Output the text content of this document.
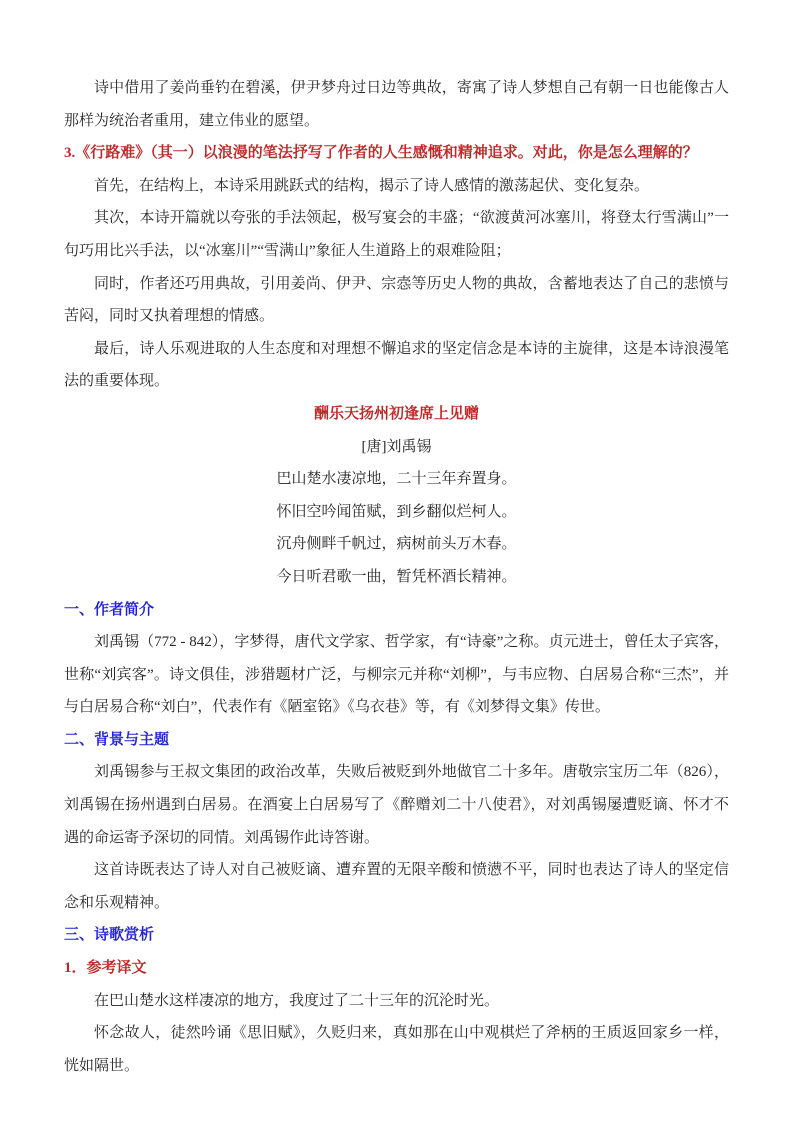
诗中借用了姜尚垂钓在碧溪，伊尹梦舟过日边等典故，寄寓了诗人梦想自己有朝一日也能像古人那样为统治者重用，建立伟业的愿望。

3.《行路难》（其一）以浪漫的笔法抒写了作者的人生感慨和精神追求。对此，你是怎么理解的？

首先，在结构上，本诗采用跳跃式的结构，揭示了诗人感情的激荡起伏、变化复杂。

其次，本诗开篇就以夸张的手法领起，极写宴会的丰盛；“欲渡黄河冰塞川，将登太行雪满山”一句巧用比兴手法，以“冰塞川”“雪满山”象征人生道路上的艰难险阻；

同时，作者还巧用典故，引用姜尚、伊尹、宗悫等历史人物的典故，含蓄地表达了自己的悲愤与苦闷，同时又执着理想的情感。

最后，诗人乐观进取的人生态度和对理想不懈追求的坚定信念是本诗的主旋律，这是本诗浪漫笔法的重要体现。

酬乐天扬州初逢席上见赠

[唐]刘禹锡

巴山楚水凄凉地，二十三年弃置身。

怀旧空吟闻笛赋，到乡翻似烂柯人。

沉舟侧畔千帆过，病树前头万木春。

今日听君歌一曲，暂凭杯酒长精神。

一、作者简介

刘禹锡（772 - 842），字梦得，唐代文学家、哲学家，有“诗豪”之称。贞元进士，曾任太子宾客，世称“刘宾客”。诗文俱佳，涉猎题材广泛，与柳宗元并称“刘柳”，与韦应物、白居易合称“三杰”，并与白居易合称“刘白”，代表作有《陋室铭》《乌衣巷》等，有《刘梦得文集》传世。

二、背景与主题

刘禹锡参与王叔文集团的政治改革，失败后被贬到外地做官二十多年。唐敬宗宝历二年（826），刘禹锡在扬州遇到白居易。在酒宴上白居易写了《醉赠刘二十八使君》，对刘禹锡屡遭贬谪、怀才不遇的命运寄予深切的同情。刘禹锡作此诗答谢。

这首诗既表达了诗人对自己被贬谪、遭弃置的无限辛酸和愤懑不平，同时也表达了诗人的坚定信念和乐观精神。

三、诗歌赏析

1．参考译文

在巴山楚水这样凄凉的地方，我度过了二十三年的沉沦时光。

怀念故人，徒然吟诵《思旧赋》，久贬归来，真如那在山中观棋烂了斧柄的王质返回家乡一样，恍如隔世。
